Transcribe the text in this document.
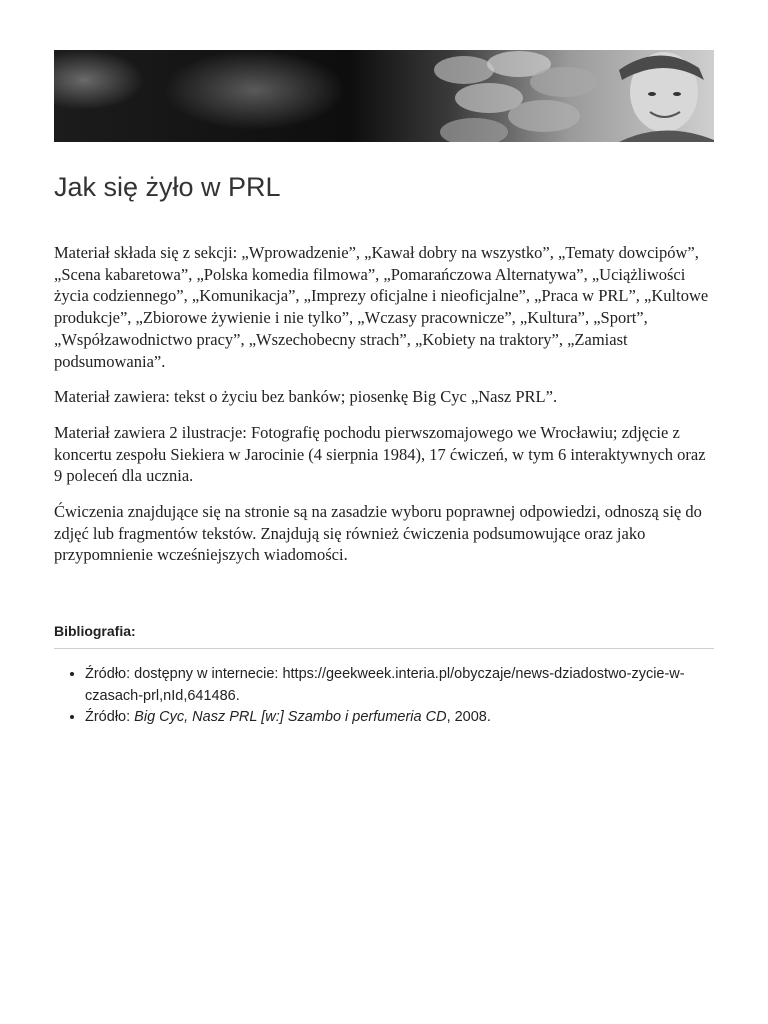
Jak się żyło w PRL

Materiał składa się z sekcji: „Wprowadzenie”, „Kawał dobry na wszystko”, „Tematy dowcipów”, „Scena kabaretowa”, „Polska komedia filmowa”, „Pomarańczowa Alternatywa”, „Uciążliwości życia codziennego”, „Komunikacja”, „Imprezy oficjalne i nieoficjalne”, „Praca w PRL”, „Kultowe produkcje”, „Zbiorowe żywienie i nie tylko”, „Wczasy pracownicze”, „Kultura”, „Sport”, „Współzawodnictwo pracy”, „Wszechobecny strach”, „Kobiety na traktory”, „Zamiast podsumowania”.

Materiał zawiera: tekst o życiu bez banków; piosenkę Big Cyc „Nasz PRL”.

Materiał zawiera 2 ilustracje: Fotografię pochodu pierwszomajowego we Wrocławiu; zdjęcie z koncertu zespołu Siekiera w Jarocinie (4 sierpnia 1984), 17 ćwiczeń, w tym 6 interaktywnych oraz 9 poleceń dla ucznia.

Ćwiczenia znajdujące się na stronie są na zasadzie wyboru poprawnej odpowiedzi, odnoszą się do zdjęć lub fragmentów tekstów. Znajdują się również ćwiczenia podsumowujące oraz jako przypomnienie wcześniejszych wiadomości.

Bibliografia:
• Źródło: dostępny w internecie: https://geekweek.interia.pl/obyczaje/news-dziadostwo-zycie-w-czasach-prl,nId,641486.
• Źródło: Big Cyc, Nasz PRL [w:] Szambo i perfumeria CD, 2008.
